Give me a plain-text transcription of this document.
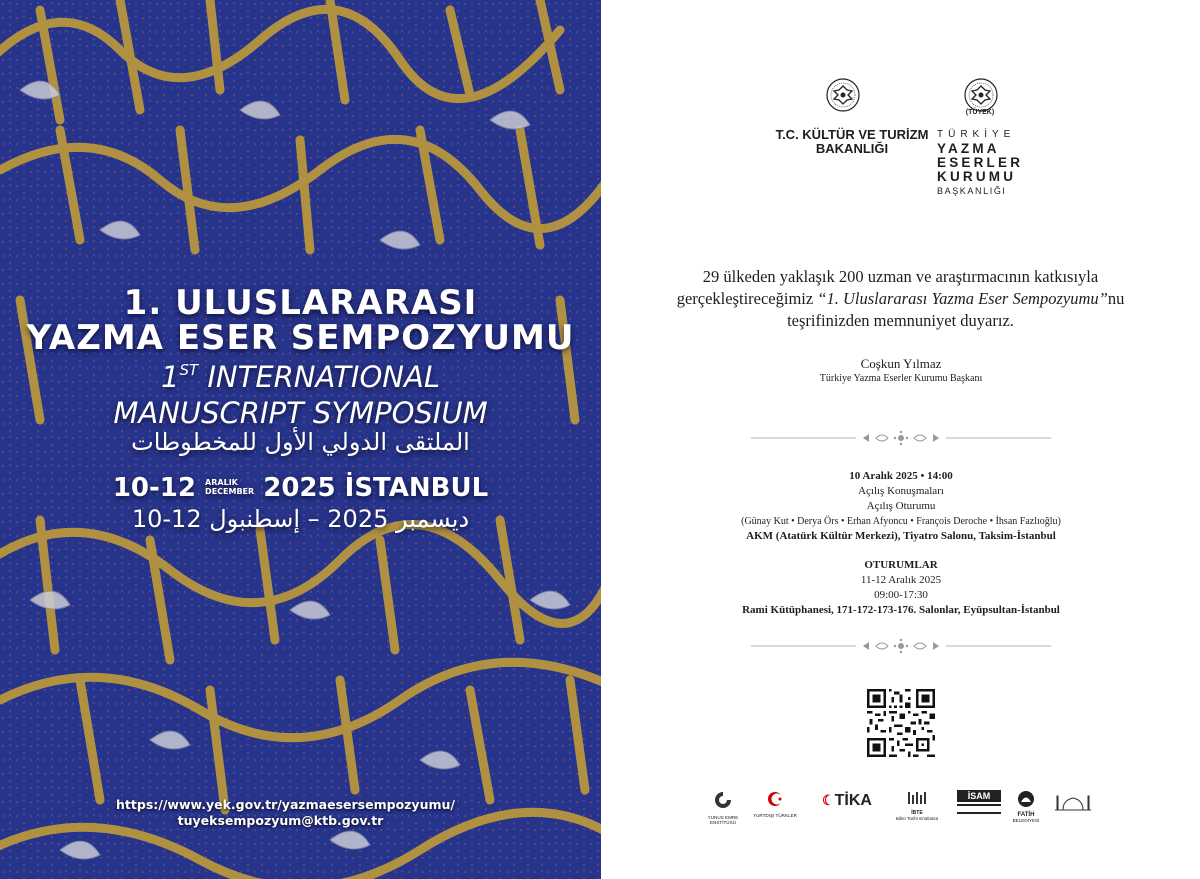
1. ULUSLARARASI
YAZMA ESER SEMPOZYUMU
1ST INTERNATIONAL
MANUSCRIPT SYMPOSIUM
الملتقى الدولي الأول للمخطوطات
10-12 ARALIK
DECEMBER 2025 İSTANBUL
10-12 ديسمبر 2025 – إسطنبول
https://www.yek.gov.tr/yazmaesersempozyumu/
tuyeksempozyum@ktb.gov.tr
(TÜYEK)
T.C. KÜLTÜR VE TURİZM
BAKANLIĞI
TÜRKİYE
YAZMA
ESERLER
KURUMU
BAŞKANLIĞI
29 ülkeden yaklaşık 200 uzman ve araştırmacının katkısıyla
gerçekleştireceğimiz “1. Uluslararası Yazma Eser Sempozyumu”nu
teşrifinizden memnuniyet duyarız.
Coşkun Yılmaz
Türkiye Yazma Eserler Kurumu Başkanı
10 Aralık 2025 • 14:00
Açılış Konuşmaları
Açılış Oturumu
(Günay Kut • Derya Örs • Erhan Afyoncu • François Deroche • İhsan Fazlıoğlu)
AKM (Atatürk Kültür Merkezi), Tiyatro Salonu, Taksim-İstanbul
OTURUMLAR
11-12 Aralık 2025
09:00-17:30
Rami Kütüphanesi, 171-172-173-176. Salonlar, Eyüpsultan-İstanbul
YUNUS EMRE
ENSTİTÜSÜ
YURTDIŞI TÜRKLER
☾TİKA
İBTE
Bilim Tarihi Enstitüsü
İSAM
FATİH
BELEDİYESİ
